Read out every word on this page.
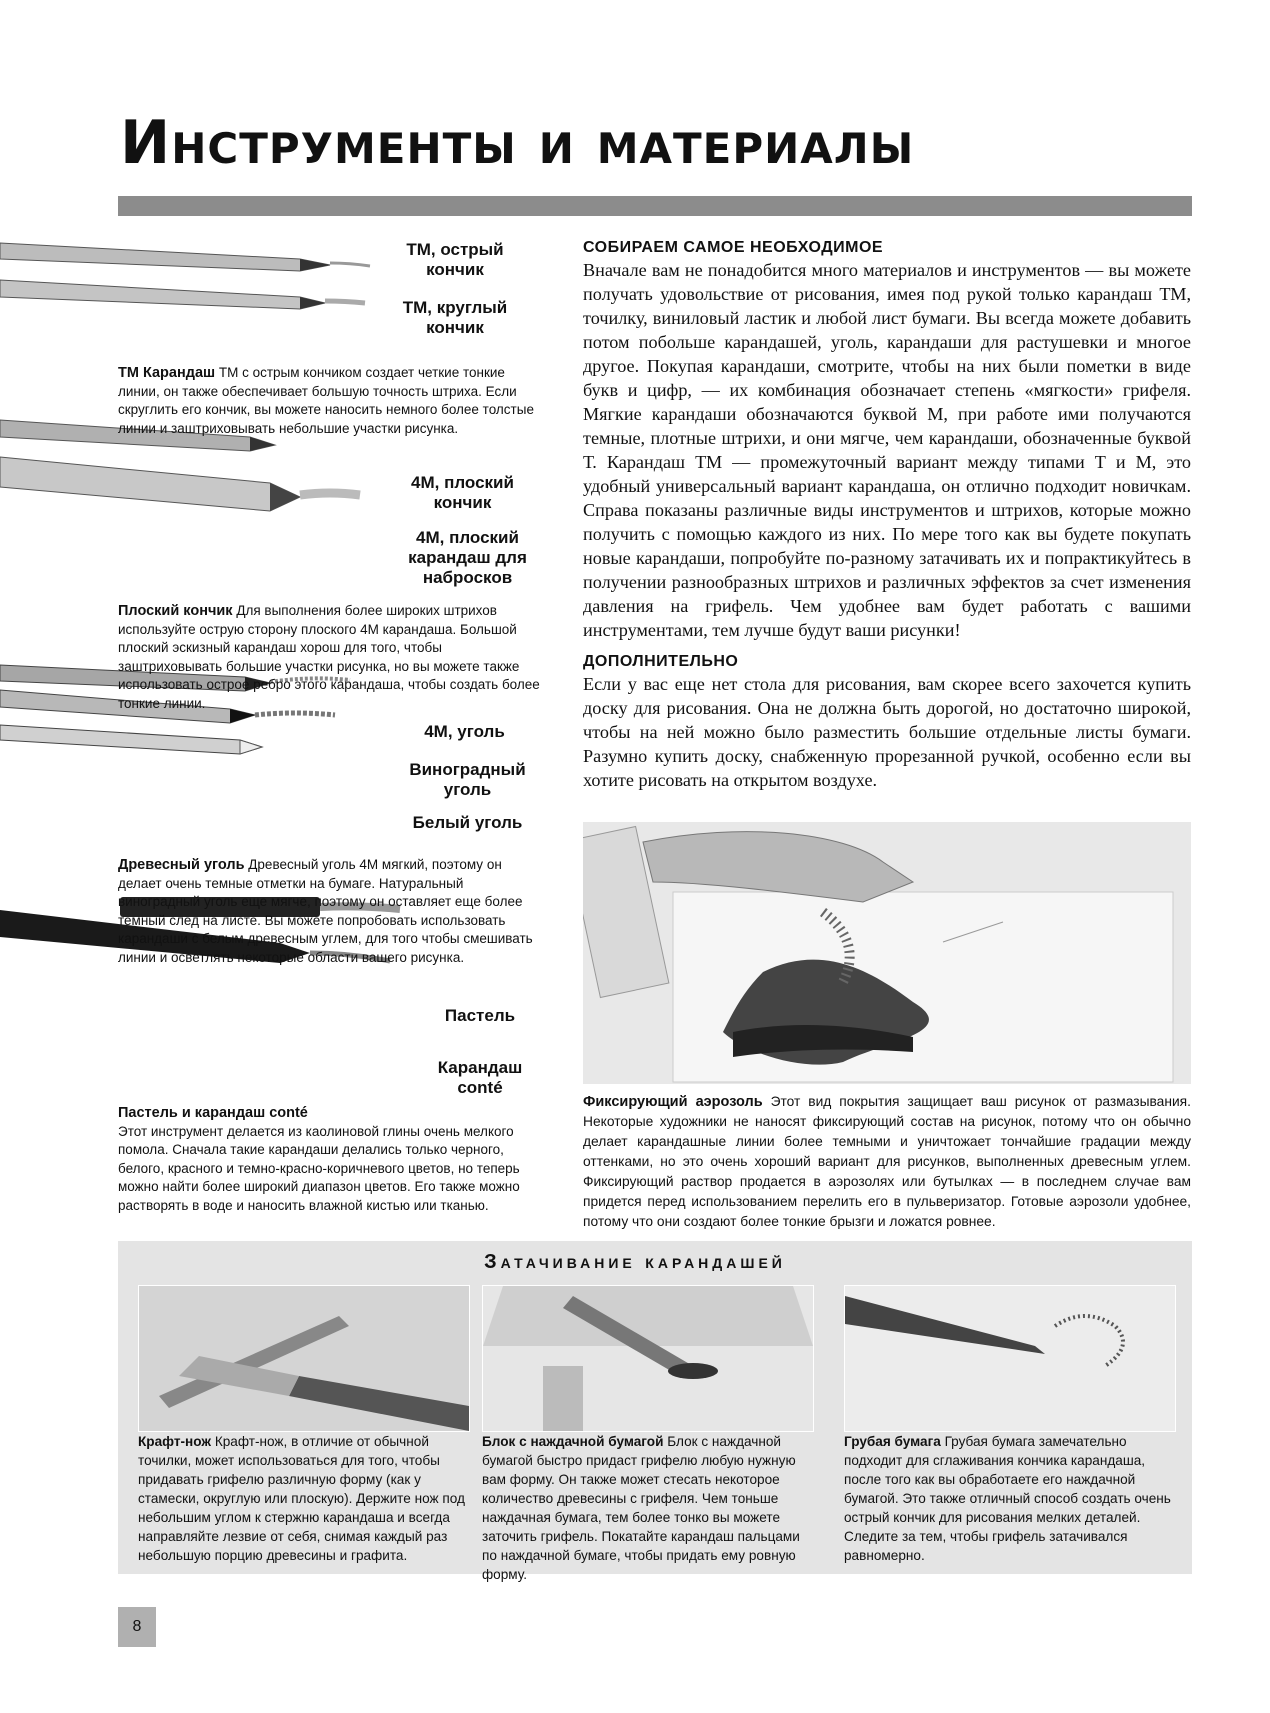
Инструменты и материалы
ТМ, острый кончик
ТМ, круглый кончик
ТМ Карандаш ТМ с острым кончиком создает четкие тонкие линии, он также обеспечивает большую точность штриха. Если скруглить его кончик, вы можете наносить немного более толстые линии и заштриховывать небольшие участки рисунка.
4М, плоский кончик
4М, плоский карандаш для набросков
Плоский кончик Для выполнения более широких штрихов используйте острую сторону плоского 4М карандаша. Большой плоский эскизный карандаш хорош для того, чтобы заштриховывать большие участки рисунка, но вы можете также использовать острое ребро этого карандаша, чтобы создать более тонкие линии.
4М, уголь
Виноградный уголь
Белый уголь
Древесный уголь Древесный уголь 4М мягкий, поэтому он делает очень темные отметки на бумаге. Натуральный виноградный уголь еще мягче, поэтому он оставляет еще более темный след на листе. Вы можете попробовать использовать карандаши с белым древесным углем, для того чтобы смешивать линии и осветлять некоторые области вашего рисунка.
Пастель
Карандаш conté
Пастель и карандаш conté
Этот инструмент делается из каолиновой глины очень мелкого помола. Сначала такие карандаши делались только черного, белого, красного и темно-красно-коричневого цветов, но теперь можно найти более широкий диапазон цветов. Его также можно растворять в воде и наносить влажной кистью или тканью.
СОБИРАЕМ САМОЕ НЕОБХОДИМОЕ
Вначале вам не понадобится много материалов и инструментов — вы можете получать удовольствие от рисования, имея под рукой только карандаш ТМ, точилку, виниловый ластик и любой лист бумаги. Вы всегда можете добавить потом побольше карандашей, уголь, карандаши для растушевки и многое другое. Покупая карандаши, смотрите, чтобы на них были пометки в виде букв и цифр, — их комбинация обозначает степень «мягкости» грифеля. Мягкие карандаши обозначаются буквой М, при работе ими получаются темные, плотные штрихи, и они мягче, чем карандаши, обозначенные буквой Т. Карандаш ТМ — промежуточный вариант между типами Т и М, это удобный универсальный вариант карандаша, он отлично подходит новичкам. Справа показаны различные виды инструментов и штрихов, которые можно получить с помощью каждого из них. По мере того как вы будете покупать новые карандаши, попробуйте по-разному затачивать их и попрактикуйтесь в получении разнообразных штрихов и различных эффектов за счет изменения давления на грифель. Чем удобнее вам будет работать с вашими инструментами, тем лучше будут ваши рисунки!
ДОПОЛНИТЕЛЬНО
Если у вас еще нет стола для рисования, вам скорее всего захочется купить доску для рисования. Она не должна быть дорогой, но достаточно широкой, чтобы на ней можно было разместить большие отдельные листы бумаги. Разумно купить доску, снабженную прорезанной ручкой, особенно если вы хотите рисовать на открытом воздухе.
Фиксирующий аэрозоль Этот вид покрытия защищает ваш рисунок от размазывания. Некоторые художники не наносят фиксирующий состав на рисунок, потому что он обычно делает карандашные линии более темными и уничтожает тончайшие градации между оттенками, но это очень хороший вариант для рисунков, выполненных древесным углем. Фиксирующий раствор продается в аэрозолях или бутылках — в последнем случае вам придется перед использованием перелить его в пульверизатор. Готовые аэрозоли удобнее, потому что они создают более тонкие брызги и ложатся ровнее.
Затачивание карандашей
Крафт-нож Крафт-нож, в отличие от обычной точилки, может использоваться для того, чтобы придавать грифелю различную форму (как у стамески, округлую или плоскую). Держите нож под небольшим углом к стержню карандаша и всегда направляйте лезвие от себя, снимая каждый раз небольшую порцию древесины и графита.
Блок с наждачной бумагой Блок с наждачной бумагой быстро придаст грифелю любую нужную вам форму. Он также может стесать некоторое количество древесины с грифеля. Чем тоньше наждачная бумага, тем более тонко вы можете заточить грифель. Покатайте карандаш пальцами по наждачной бумаге, чтобы придать ему ровную форму.
Грубая бумага Грубая бумага замечательно подходит для сглаживания кончика карандаша, после того как вы обработаете его наждачной бумагой. Это также отличный способ создать очень острый кончик для рисования мелких деталей. Следите за тем, чтобы грифель затачивался равномерно.
8
